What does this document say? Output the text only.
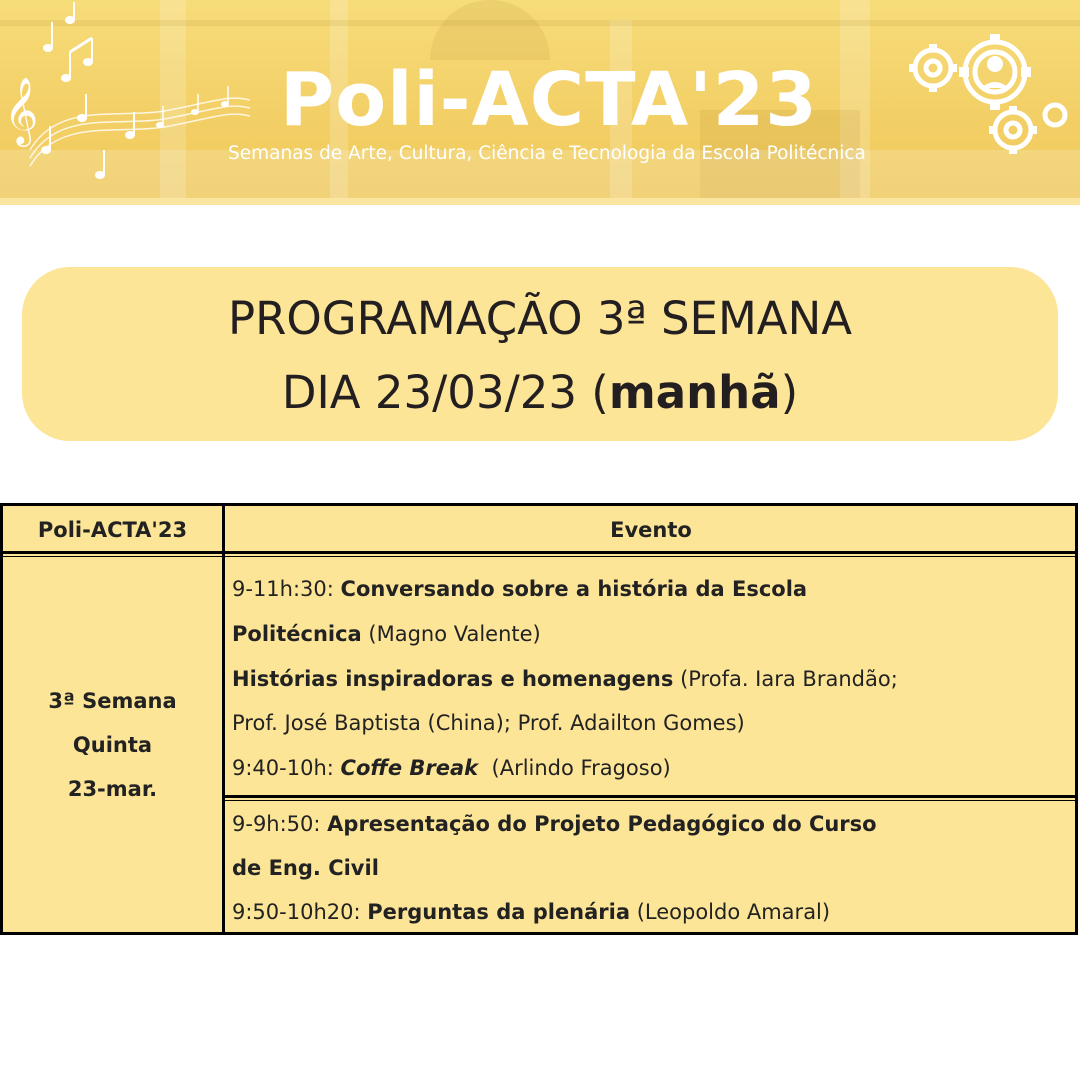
𝄞	Poli-ACTA'23
Semanas de Arte, Cultura, Ciência e Tecnologia da Escola Politécnica
PROGRAMAÇÃO 3ª SEMANA
DIA 23/03/23 (manhã)
Poli-ACTA'23	Evento
3ª Semana
Quinta
23-mar.
9-11h:30: Conversando sobre a história da Escola
Politécnica (Magno Valente)
Histórias inspiradoras e homenagens (Profa. Iara Brandão;
Prof. José Baptista (China); Prof. Adailton Gomes)
9:40-10h: Coffe Break  (Arlindo Fragoso)
9-9h:50: Apresentação do Projeto Pedagógico do Curso
de Eng. Civil
9:50-10h20: Perguntas da plenária (Leopoldo Amaral)
